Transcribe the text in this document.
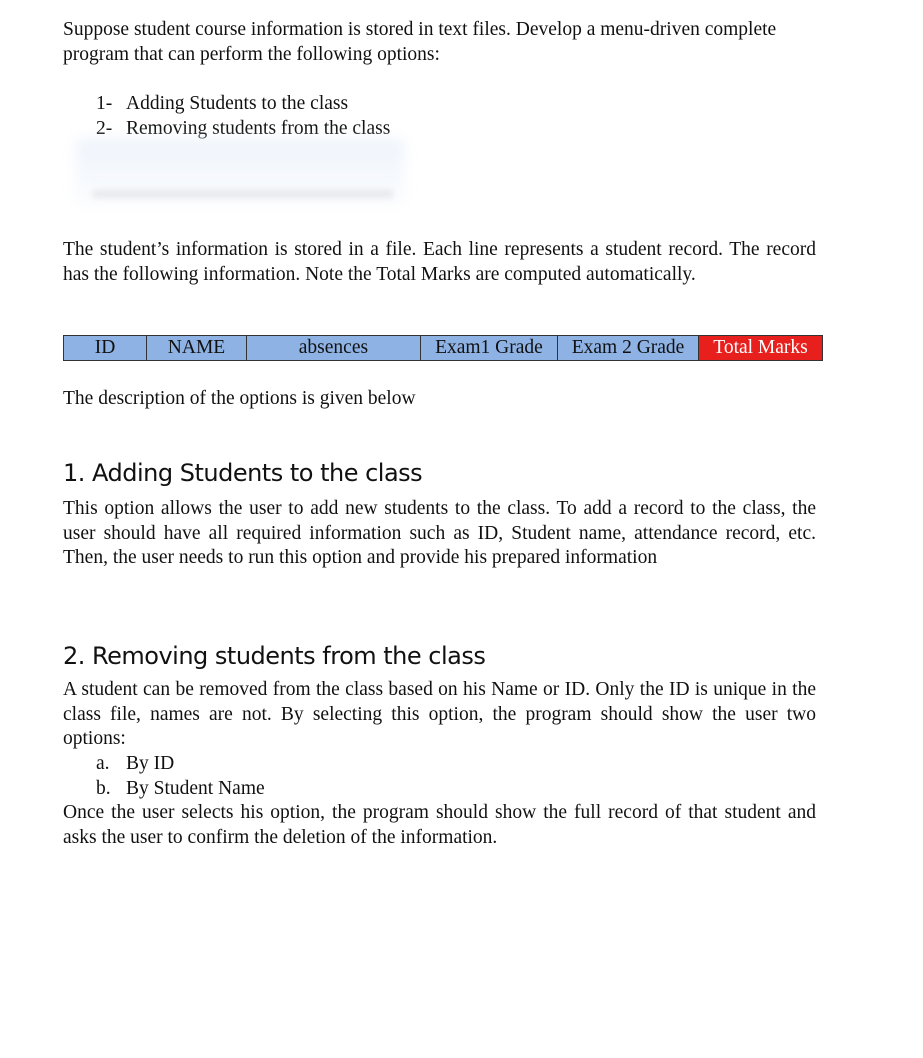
Suppose student course information is stored in text files. Develop a menu-driven complete program that can perform the following options:

1- Adding Students to the class
2- Removing students from the class

The student’s information is stored in a file. Each line represents a student record. The record has the following information. Note the Total Marks are computed automatically.

ID	NAME	absences	Exam1 Grade	Exam 2 Grade	Total Marks

The description of the options is given below

1. Adding Students to the class

This option allows the user to add new students to the class. To add a record to the class, the user should have all required information such as ID, Student name, attendance record, etc. Then, the user needs to run this option and provide his prepared information

2. Removing students from the class

A student can be removed from the class based on his Name or ID. Only the ID is unique in the class file, names are not. By selecting this option, the program should show the user two options:

a. By ID
b. By Student Name

Once the user selects his option, the program should show the full record of that student and asks the user to confirm the deletion of the information.
